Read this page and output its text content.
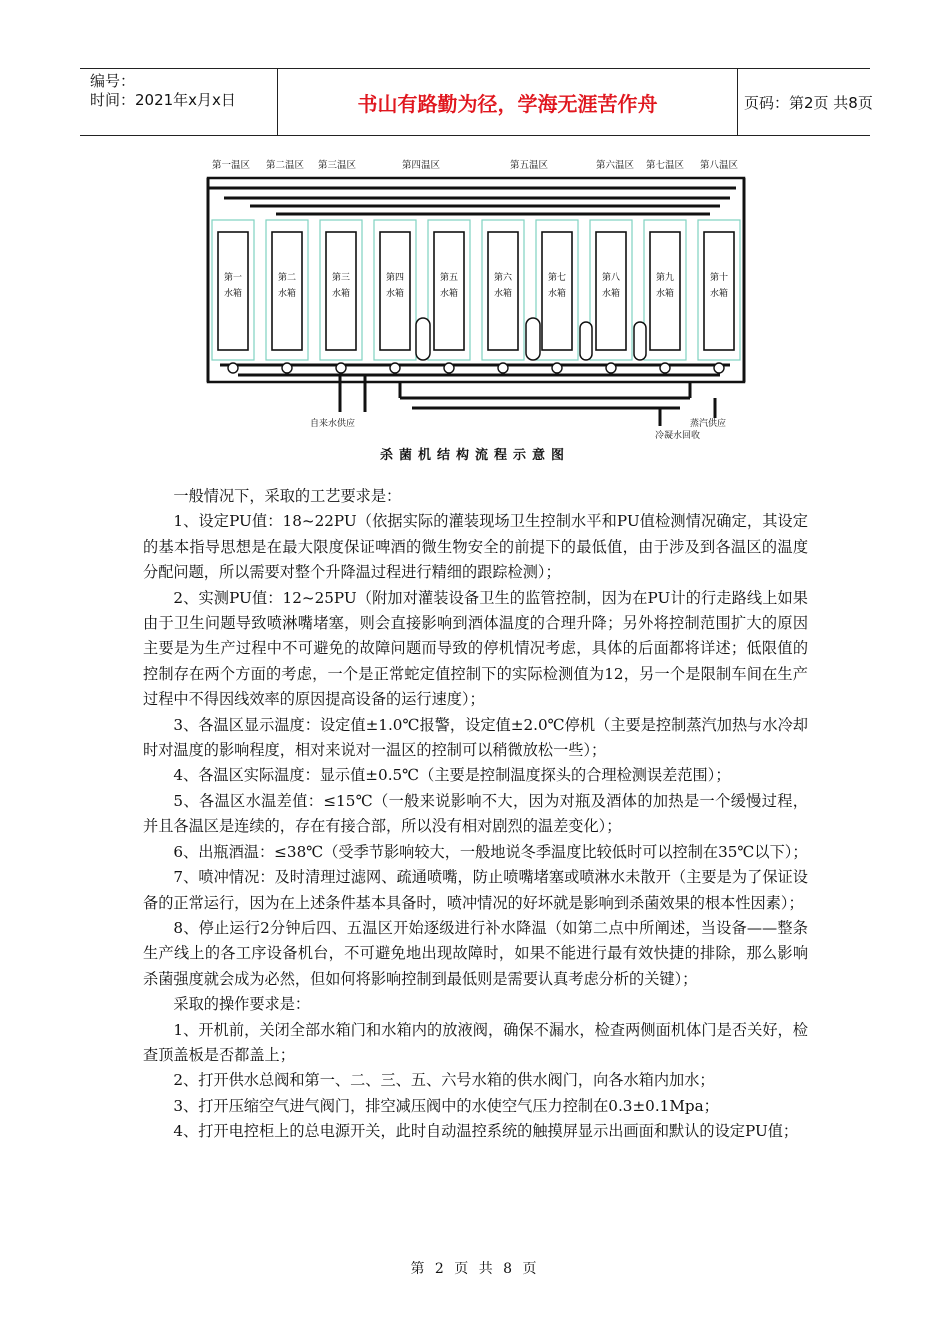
编号：
时间：2021年x月x日	书山有路勤为径，学海无涯苦作舟	页码：第2页 共8页
第一温区 第二温区 第三温区	第四温区	第五温区	第六温区 第七温区 第八温区
第一
水箱
第二
水箱
第三
水箱
第四
水箱
第五
水箱
第六
水箱
第七
水箱
第八
水箱
第九
水箱
第十
水箱
自来水供应	蒸汽供应
冷凝水回收
杀菌机结构流程示意图

一般情况下，采取的工艺要求是：

1、设定PU值：18~22PU（依据实际的灌装现场卫生控制水平和PU值检测情况确定，其设定的基本指导思想是在最大限度保证啤酒的微生物安全的前提下的最低值，由于涉及到各温区的温度分配问题，所以需要对整个升降温过程进行精细的跟踪检测）；

2、实测PU值：12~25PU（附加对灌装设备卫生的监管控制，因为在PU计的行走路线上如果由于卫生问题导致喷淋嘴堵塞，则会直接影响到酒体温度的合理升降；另外将控制范围扩大的原因主要是为生产过程中不可避免的故障问题而导致的停机情况考虑，具体的后面都将详述；低限值的控制存在两个方面的考虑，一个是正常蛇定值控制下的实际检测值为12，另一个是限制车间在生产过程中不得因线效率的原因提高设备的运行速度）；

3、各温区显示温度：设定值±1.0℃报警，设定值±2.0℃停机（主要是控制蒸汽加热与水冷却时对温度的影响程度，相对来说对一温区的控制可以稍微放松一些）；

4、各温区实际温度：显示值±0.5℃（主要是控制温度探头的合理检测误差范围）；

5、各温区水温差值：≤15℃（一般来说影响不大，因为对瓶及酒体的加热是一个缓慢过程，并且各温区是连续的，存在有接合部，所以没有相对剧烈的温差变化）；

6、出瓶酒温：≤38℃（受季节影响较大，一般地说冬季温度比较低时可以控制在35℃以下）；

7、喷冲情况：及时清理过滤网、疏通喷嘴，防止喷嘴堵塞或喷淋水未散开（主要是为了保证设备的正常运行，因为在上述条件基本具备时，喷冲情况的好坏就是影响到杀菌效果的根本性因素）；

8、停止运行2分钟后四、五温区开始逐级进行补水降温（如第二点中所阐述，当设备——整条生产线上的各工序设备机台，不可避免地出现故障时，如果不能进行最有效快捷的排除，那么影响杀菌强度就会成为必然，但如何将影响控制到最低则是需要认真考虑分析的关键）；

采取的操作要求是：

1、开机前，关闭全部水箱门和水箱内的放液阀，确保不漏水，检查两侧面机体门是否关好，检查顶盖板是否都盖上；

2、打开供水总阀和第一、二、三、五、六号水箱的供水阀门，向各水箱内加水；

3、打开压缩空气进气阀门，排空减压阀中的水使空气压力控制在0.3±0.1Mpa；

4、打开电控柜上的总电源开关，此时自动温控系统的触摸屏显示出画面和默认的设定PU值；

第 2 页 共 8 页
